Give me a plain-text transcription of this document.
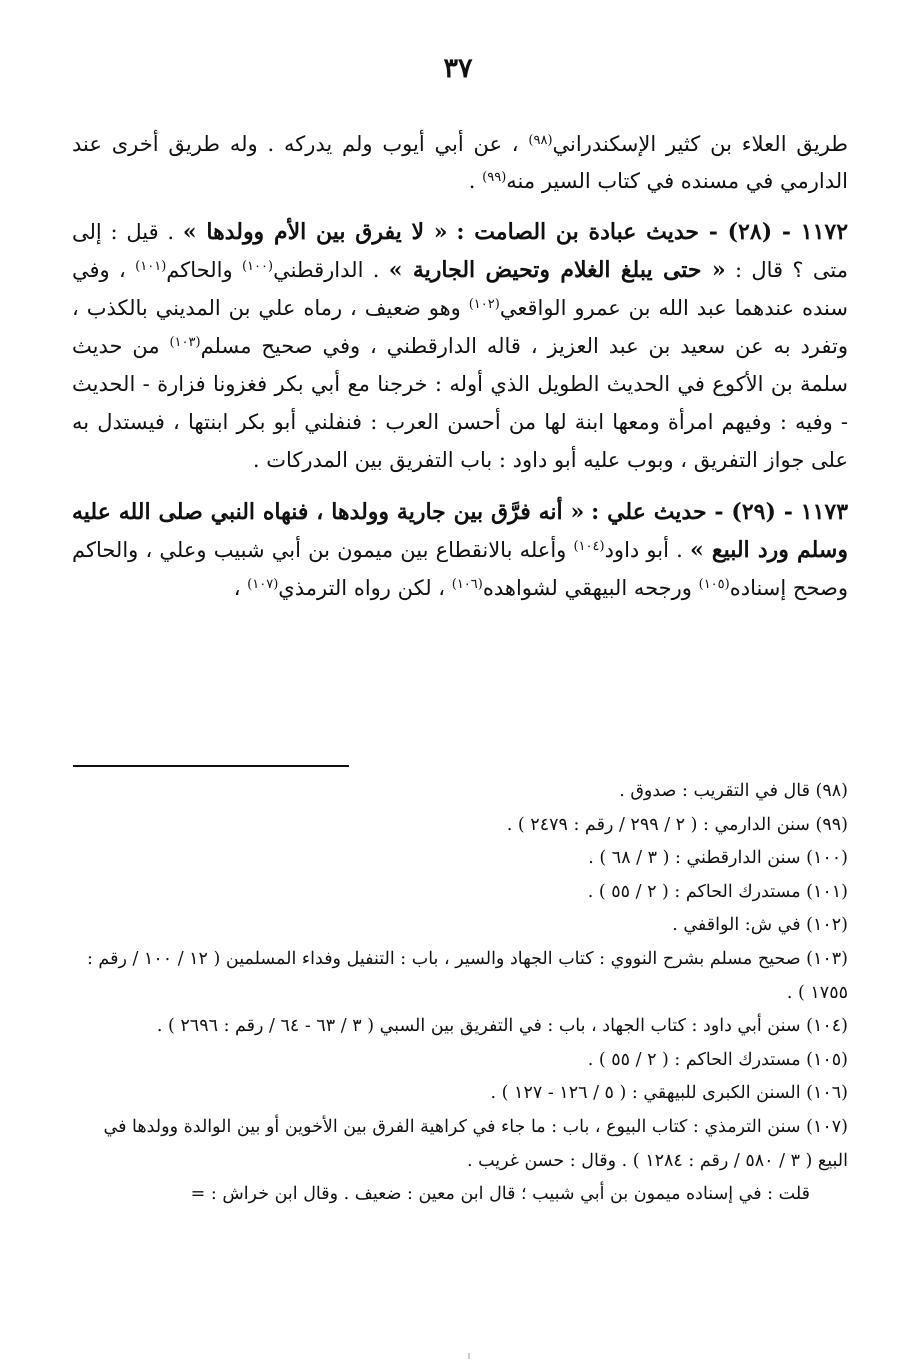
٣٧

طريق العلاء بن كثير الإسكندراني$^{(٩٨)}$ ، عن أبي أيوب ولم يدركه . وله طريق أخرى عند الدارمي في مسنده في كتاب السير منه$^{(٩٩)}$ .

١١٧٢ - (٢٨) - حديث عبادة بن الصامت : « لا يفرق بين الأم وولدها » . قيل : إلى متى ؟ قال : « حتى يبلغ الغلام وتحيض الجارية » . الدارقطني$^{(١٠٠)}$ والحاكم$^{(١٠١)}$ ، وفي سنده عندهما عبد الله بن عمرو الواقعي$^{(١٠٢)}$ وهو ضعيف ، رماه علي بن المديني بالكذب ، وتفرد به عن سعيد بن عبد العزيز ، قاله الدارقطني ، وفي صحيح مسلم$^{(١٠٣)}$ من حديث سلمة بن الأكوع في الحديث الطويل الذي أوله : خرجنا مع أبي بكر فغزونا فزارة - الحديث - وفيه : وفيهم امرأة ومعها ابنة لها من أحسن العرب : فنفلني أبو بكر ابنتها ، فيستدل به على جواز التفريق ، وبوب عليه أبو داود : باب التفريق بين المدركات .

١١٧٣ - (٢٩) - حديث علي : « أنه فرَّق بين جارية وولدها ، فنهاه النبي صلى الله عليه وسلم ورد البيع » . أبو داود$^{(١٠٤)}$ وأعله بالانقطاع بين ميمون بن أبي شبيب وعلي ، والحاكم وصحح إسناده$^{(١٠٥)}$ ورجحه البيهقي لشواهده$^{(١٠٦)}$ ، لكن رواه الترمذي$^{(١٠٧)}$ ،

(٩٨) قال في التقريب : صدوق .

(٩٩) سنن الدارمي : ( ٢ / ٢٩٩ / رقم : ٢٤٧٩ ) .

(١٠٠) سنن الدارقطني : ( ٣ / ٦٨ ) .

(١٠١) مستدرك الحاكم : ( ٢ / ٥٥ ) .

(١٠٢) في ش: الواقفي .

(١٠٣) صحيح مسلم بشرح النووي : كتاب الجهاد والسير ، باب : التنفيل وفداء المسلمين ( ١٢ / ١٠٠ / رقم : ١٧٥٥ ) .

(١٠٤) سنن أبي داود : كتاب الجهاد ، باب : في التفريق بين السبي ( ٣ / ٦٣ - ٦٤ / رقم : ٢٦٩٦ ) .

(١٠٥) مستدرك الحاكم : ( ٢ / ٥٥ ) .

(١٠٦) السنن الكبرى للبيهقي : ( ٥ / ١٢٦ - ١٢٧ ) .

(١٠٧) سنن الترمذي : كتاب البيوع ، باب : ما جاء في كراهية الفرق بين الأخوين أو بين الوالدة وولدها في البيع ( ٣ / ٥٨٠ / رقم : ١٢٨٤ ) . وقال : حسن غريب .

قلت : في إسناده ميمون بن أبي شبيب ؛ قال ابن معين : ضعيف . وقال ابن خراش : =

ا
